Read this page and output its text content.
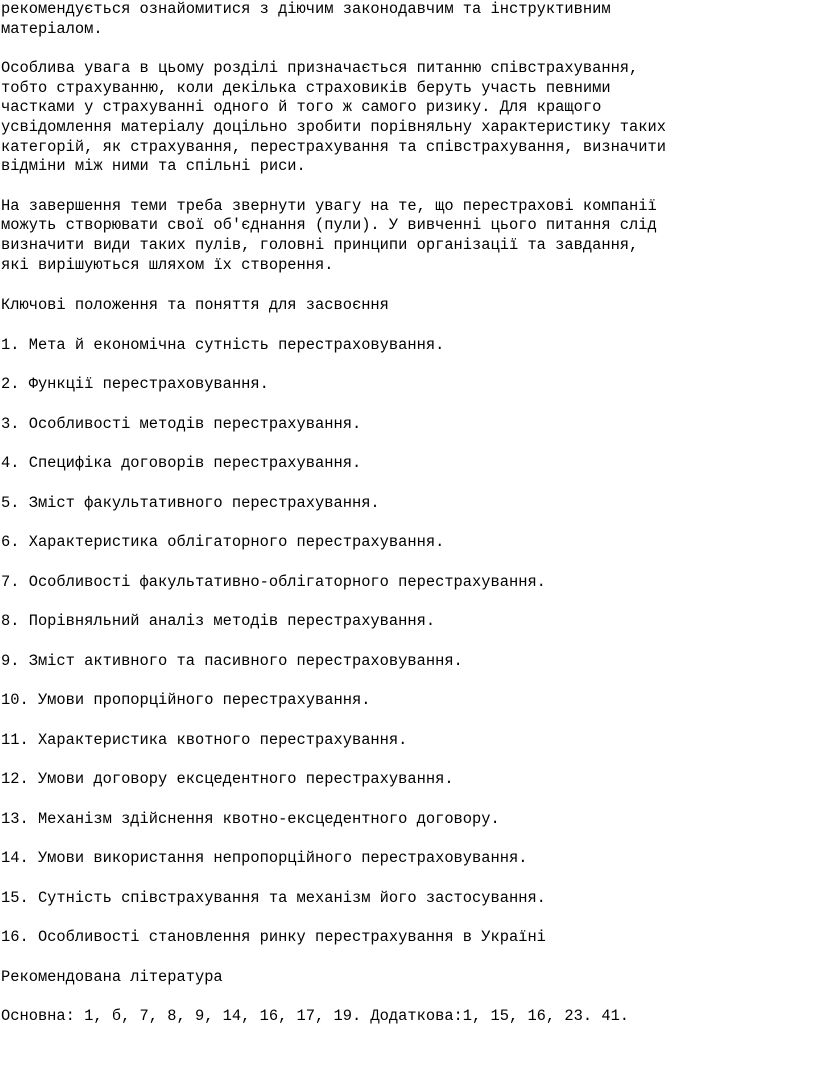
рекомендується ознайомитися з діючим законодавчим та інструктивним

матеріалом.

Особлива увага в цьому розділі призначається питанню співстрахування,

тобто страхуванню, коли декілька страховиків беруть участь певними

частками у страхуванні одного й того ж самого ризику. Для кращого

усвідомлення матеріалу доцільно зробити порівняльну характеристику таких

категорій, як страхування, перестрахування та співстрахування, визначити

відміни між ними та спільні риси.

На завершення теми треба звернути увагу на те, що перестрахові компанії

можуть створювати свої об'єднання (пули). У вивченні цього питання слід

визначити види таких пулів, головні принципи організації та завдання,

які вирішуються шляхом їх створення.

Ключові положення та поняття для засвоєння

1. Мета й економічна сутність перестраховування.

2. Функції перестраховування.

3. Особливості методів перестрахування.

4. Специфіка договорів перестрахування.

5. Зміст факультативного перестрахування.

6. Характеристика облігаторного перестрахування.

7. Особливості факультативно-облігаторного перестрахування.

8. Порівняльний аналіз методів перестрахування.

9. Зміст активного та пасивного перестраховування.

10. Умови пропорційного перестрахування.

11. Характеристика квотного перестрахування.

12. Умови договору ексцедентного перестрахування.

13. Механізм здійснення квотно-ексцедентного договору.

14. Умови використання непропорційного перестраховування.

15. Сутність співстрахування та механізм його застосування.

16. Особливості становлення ринку перестрахування в Україні

Рекомендована література

Основна: 1, б, 7, 8, 9, 14, 16, 17, 19. Додаткова:1, 15, 16, 23. 41.
